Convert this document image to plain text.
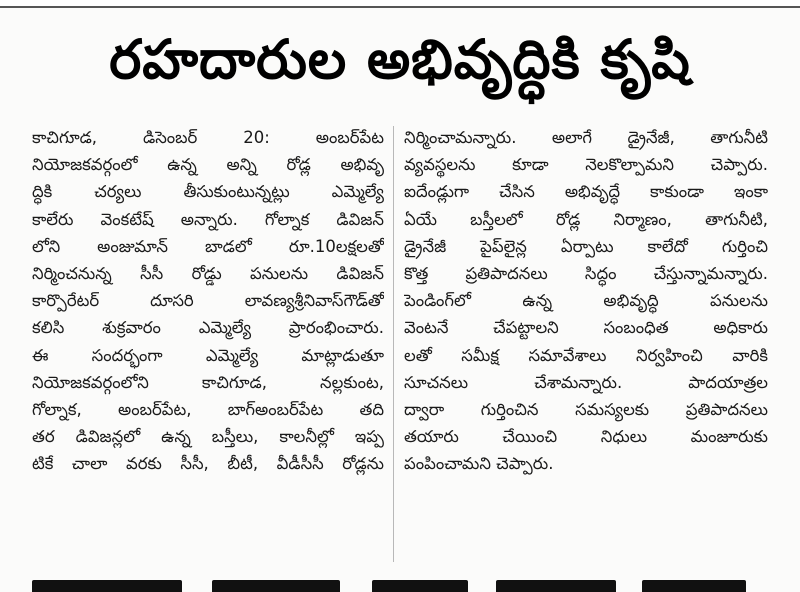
రహదారుల అభివృద్ధికి కృషి
కాచిగూడ, డిసెంబర్ 20: అంబర్‌పేట
నియోజకవర్గంలో ఉన్న అన్ని రోడ్ల అభివృ
ద్ధికి చర్యలు తీసుకుంటున్నట్లు ఎమ్మెల్యే
కాలేరు వెంకటేష్ అన్నారు. గోల్నాక డివిజన్
లోని అంజుమాన్ బాడలో రూ.10లక్షలతో
నిర్మించనున్న సీసీ రోడ్డు పనులను డివిజన్
కార్పొరేటర్ దూసరి లావణ్యశ్రీనివాస్‌గౌడ్‌తో
కలిసి శుక్రవారం ఎమ్మెల్యే ప్రారంభించారు.
ఈ సందర్భంగా ఎమ్మెల్యే మాట్లాడుతూ
నియోజకవర్గంలోని కాచిగూడ, నల్లకుంట,
గోల్నాక, అంబర్‌పేట, బాగ్‌అంబర్‌పేట తది
తర డివిజన్లలో ఉన్న బస్తీలు, కాలనీల్లో ఇప్ప
టికే చాలా వరకు సీసీ, బీటీ, వీడీసీసీ రోడ్లను
నిర్మించామన్నారు. అలాగే డ్రైనేజీ, తాగునీటి
వ్యవస్థలను కూడా నెలకొల్పామని చెప్పారు.
ఐదేండ్లుగా చేసిన అభివృద్ధే కాకుండా ఇంకా
ఏయే బస్తీలలో రోడ్ల నిర్మాణం, తాగునీటి,
డ్రైనేజీ పైప్‌లైన్ల ఏర్పాటు కాలేదో గుర్తించి
కొత్త ప్రతిపాదనలు సిద్ధం చేస్తున్నామన్నారు.
పెండింగ్‌లో ఉన్న అభివృద్ధి పనులను
వెంటనే చేపట్టాలని సంబంధిత అధికారు
లతో సమీక్ష సమావేశాలు నిర్వహించి వారికి
సూచనలు చేశామన్నారు. పాదయాత్రల
ద్వారా గుర్తించిన సమస్యలకు ప్రతిపాదనలు
తయారు చేయించి నిధులు మంజూరుకు
పంపించామని చెప్పారు.
